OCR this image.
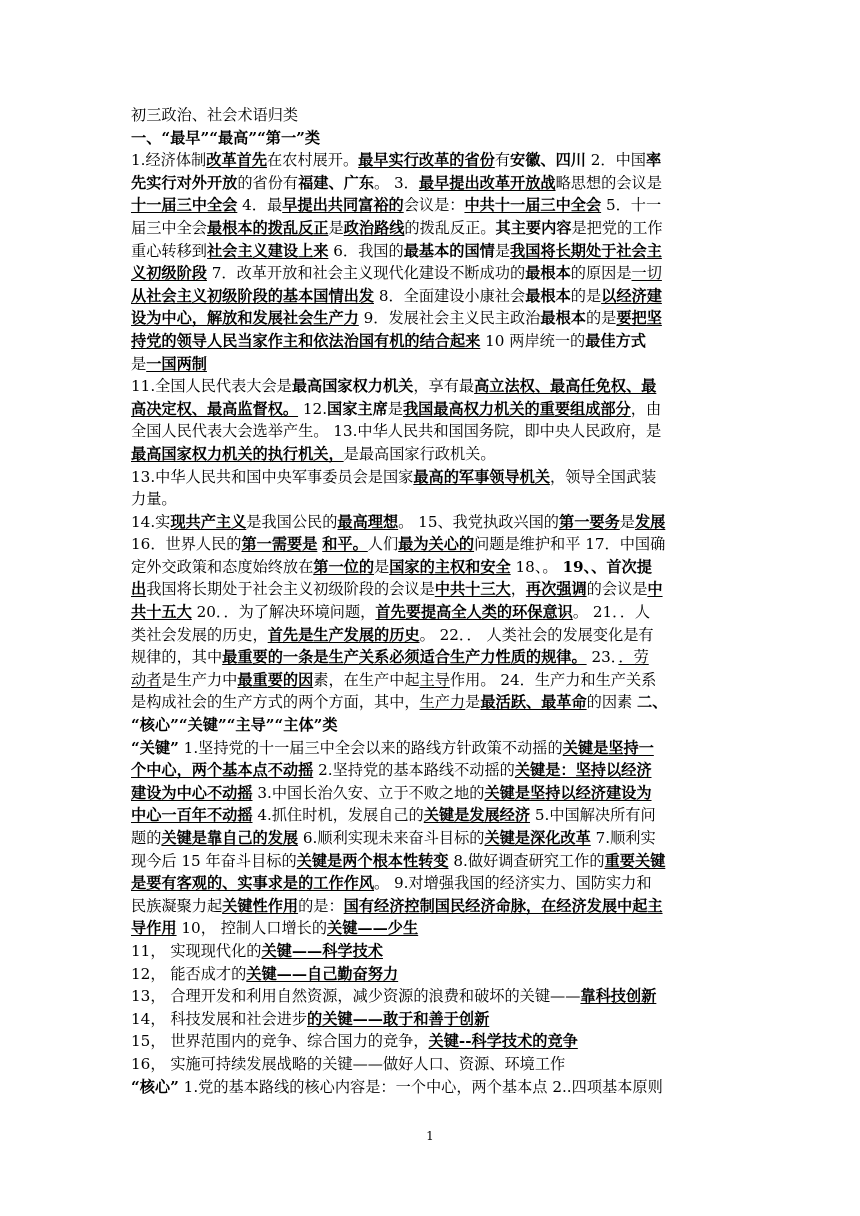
初三政治、社会术语归类
一、“最早”“最高”“第一”类
1.经济体制改革首先在农村展开。最早实行改革的省份有安徽、四川 2．中国率
先实行对外开放的省份有福建、广东。 3．最早提出改革开放战略思想的会议是
十一届三中全会 4．最早提出共同富裕的会议是：中共十一届三中全会 5．十一
届三中全会最根本的拨乱反正是政治路线的拨乱反正。其主要内容是把党的工作
重心转移到社会主义建设上来 6．我国的最基本的国情是我国将长期处于社会主
义初级阶段 7．改革开放和社会主义现代化建设不断成功的最根本的原因是一切
从社会主义初级阶段的基本国情出发 8．全面建设小康社会最根本的是以经济建
设为中心，解放和发展社会生产力 9．发展社会主义民主政治最根本的是要把坚
持党的领导人民当家作主和依法治国有机的结合起来 10 两岸统一的最佳方式
是一国两制
11.全国人民代表大会是最高国家权力机关，享有最高立法权、最高任免权、最
高决定权、最高监督权。 12.国家主席是我国最高权力机关的重要组成部分，由
全国人民代表大会选举产生。 13.中华人民共和国国务院，即中央人民政府，是
最高国家权力机关的执行机关，是最高国家行政机关。
13.中华人民共和国中央军事委员会是国家最高的军事领导机关，领导全国武装
力量。
14.实现共产主义是我国公民的最高理想。 15、我党执政兴国的第一要务是发展
16．世界人民的第一需要是 和平。人们最为关心的问题是维护和平 17．中国确
定外交政策和态度始终放在第一位的是国家的主权和安全 18、。 19、、首次提
出我国将长期处于社会主义初级阶段的会议是中共十三大，再次强调的会议是中
共十五大 20．．为了解决环境问题，首先要提高全人类的环保意识。 21．．人
类社会发展的历史，首先是生产发展的历史。 22．． 人类社会的发展变化是有
规律的，其中最重要的一条是生产关系必须适合生产力性质的规律。 23．．劳
动者是生产力中最重要的因素，在生产中起主导作用。 24．生产力和生产关系
是构成社会的生产方式的两个方面，其中，生产力是最活跃、最革命的因素 二、
“核心”“关键”“主导”“主体”类
“关键” 1.坚持党的十一届三中全会以来的路线方针政策不动摇的关键是坚持一
个中心，两个基本点不动摇 2.坚持党的基本路线不动摇的关键是：坚持以经济
建设为中心不动摇 3.中国长治久安、立于不败之地的关键是坚持以经济建设为
中心一百年不动摇 4.抓住时机，发展自己的关键是发展经济 5.中国解决所有问
题的关键是靠自己的发展 6.顺利实现未来奋斗目标的关键是深化改革 7.顺利实
现今后 15 年奋斗目标的关键是两个根本性转变 8.做好调查研究工作的重要关键
是要有客观的、实事求是的工作作风。 9.对增强我国的经济实力、国防实力和
民族凝聚力起关键性作用的是：国有经济控制国民经济命脉，在经济发展中起主
导作用 10， 控制人口增长的关键——少生
11， 实现现代化的关键——科学技术
12， 能否成才的关键——自己勤奋努力
13， 合理开发和利用自然资源，减少资源的浪费和破坏的关键——靠科技创新
14， 科技发展和社会进步的关键——敢于和善于创新
15， 世界范围内的竞争、综合国力的竞争，关键--科学技术的竞争
16， 实施可持续发展战略的关键——做好人口、资源、环境工作
“核心” 1.党的基本路线的核心内容是：一个中心，两个基本点 2..四项基本原则
1
